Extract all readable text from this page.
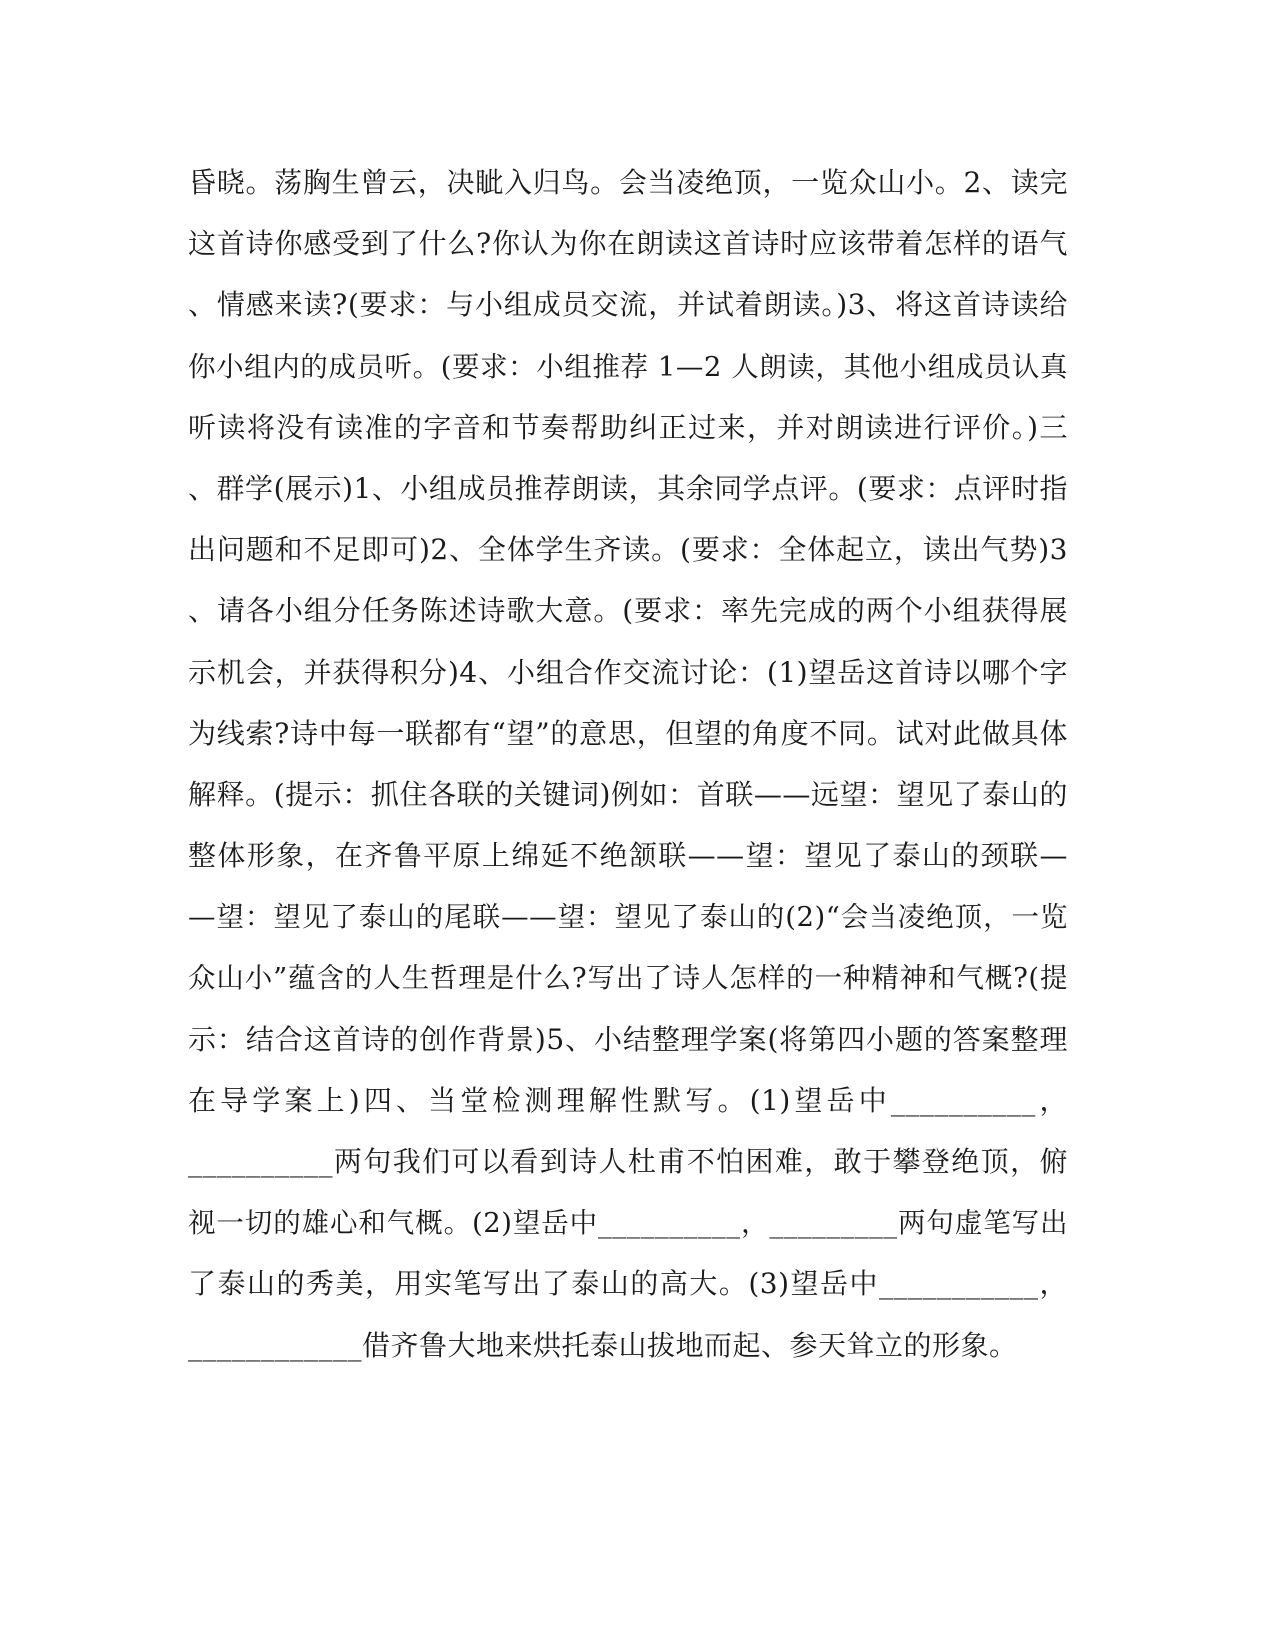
昏晓。荡胸生曾云，决眦入归鸟。会当凌绝顶，一览众山小。2、读完
这首诗你感受到了什么?你认为你在朗读这首诗时应该带着怎样的语气
、情感来读?(要求：与小组成员交流，并试着朗读。)3、将这首诗读给
你小组内的成员听。(要求：小组推荐 1—2 人朗读，其他小组成员认真
听读将没有读准的字音和节奏帮助纠正过来，并对朗读进行评价。)三
、群学(展示)1、小组成员推荐朗读，其余同学点评。(要求：点评时指
出问题和不足即可)2、全体学生齐读。(要求：全体起立，读出气势)3
、请各小组分任务陈述诗歌大意。(要求：率先完成的两个小组获得展
示机会，并获得积分)4、小组合作交流讨论：(1)望岳这首诗以哪个字
为线索?诗中每一联都有“望”的意思，但望的角度不同。试对此做具体
解释。(提示：抓住各联的关键词)例如：首联——远望：望见了泰山的
整体形象，在齐鲁平原上绵延不绝颔联——望：望见了泰山的颈联—
—望：望见了泰山的尾联——望：望见了泰山的(2)“会当凌绝顶，一览
众山小”蕴含的人生哲理是什么?写出了诗人怎样的一种精神和气概?(提
示：结合这首诗的创作背景)5、小结整理学案(将第四小题的答案整理
在导学案上)四、当堂检测理解性默写。(1)望岳中__________，
__________两句我们可以看到诗人杜甫不怕困难，敢于攀登绝顶，俯
视一切的雄心和气概。(2)望岳中__________，_________两句虚笔写出
了泰山的秀美，用实笔写出了泰山的高大。(3)望岳中___________，
____________借齐鲁大地来烘托泰山拔地而起、参天耸立的形象。
